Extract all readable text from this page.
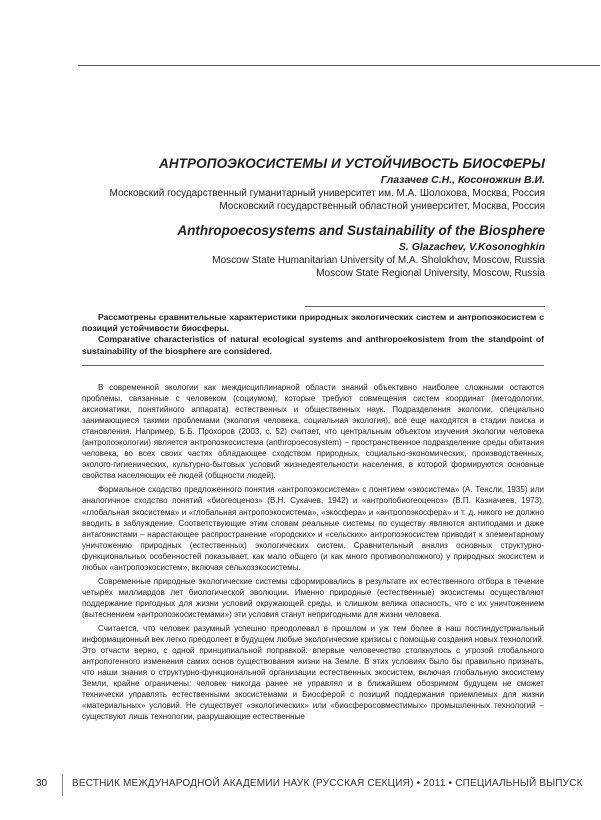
АНТРОПОЭКОСИСТЕМЫ И УСТОЙЧИВОСТЬ БИОСФЕРЫ
Глазачев С.Н., Косоножкин В.И.
Московский государственный гуманитарный университет им. М.А. Шолохова, Москва, Россия
Московский государственный областной университет, Москва, Россия
Anthropoecosystems and Sustainability of the Biosphere
S. Glazachev, V.Kosonoghkin
Moscow State Humanitarian University of M.A. Sholokhov, Moscow, Russia
Moscow State Regional University, Moscow, Russia

Рассмотрены сравнительные характеристики природных экологических систем и антропоэкосистем с позиций устойчивости биосферы.

Comparative characteristics of natural ecological systems and anthropoekosistem from the standpoint of sustainability of the biosphere are considered.

В современной экологии как междисциплинарной области знаний объективно наиболее сложными остаются проблемы, связанные с человеком (социумом), которые требуют совмещения систем координат (методологии, аксиоматики, понятийного аппарата) естественных и общественных наук. Подразделения экологии, специально занимающиеся такими проблемами (экология человека, социальная экология), всё еще находятся в стадии поиска и становления. Например, Б.Б. Прохоров (2003, с. 52) считает, что центральным объектом изучения экологии человека (антропоэкологии) является антропоэкосистема (anthropoecosystem) – пространственное подразделение среды обитания человека, во всех своих частях обладающее сходством природных, социально-экономических, производственных, эколого-гигиенических, культурно-бытовых условий жизнедеятельности населения, в которой формируются основные свойства населяющих её людей (общности людей).

Формальное сходство предложенного понятия «антропоэкосистема» с понятием «экосистема» (А. Тенсли, 1935) или аналогичное сходство понятий «биогеоценоз» (В.Н. Сукачев, 1942) и «антропобиогеоценоз» (В.П. Казначеев, 1973), «глобальная экосистема» и «глобальная антропоэкосистема», «экосфера» и «антропоэкосфера» и т. д. никого не должно вводить в заблуждение. Соответствующие этим словам реальные системы по существу являются антиподами и даже антагонистами – нарастающее распространение «городских» и «сельских» антропоэкосистем приводит к элементарному уничтожению природных (естественных) экологических систем. Сравнительный анализ основных структурно-функциональных особенностей показывает, как мало общего (и как много противоположного) у природных экосистем и любых «антропоэкосистем», включая сельхозэкосистемы.

Современные природные экологические системы сформировались в результате их естественного отбора в течение четырёх миллиардов лет биологической эволюции. Именно природные (естественные) экосистемы осуществляют поддержание пригодных для жизни условий окружающей среды, и слишком велика опасность, что с их уничтожением (вытеснением «антропоэкосистемами») эти условия станут непригодными для жизни человека.

Считается, что человек разумный успешно преодолевал в прошлом и уж тем более в наш постиндустриальный информационный век легко преодолеет в будущем любые экологические кризисы с помощью создания новых технологий. Это отчасти верно, с одной принципиальной поправкой: впервые человечество столкнулось с угрозой глобального антропогенного изменения самих основ существования жизни на Земле. В этих условиях было бы правильно признать, что наши знания о структурно-функциональной организации естественных экосистем, включая глобальную экосистему Земли, крайне ограничены: человек никогда ранее не управлял и в ближайшем обозримом будущем не сможет технически управлять естественными экосистемами и Биосферой с позиций поддержания приемлемых для жизни «материальных» условий. Не существует «экологических» или «биосферосовместимых» промышленных технологий – существуют лишь технологии, разрушающие естественные

30 ВЕСТНИК МЕЖДУНАРОДНОЙ АКАДЕМИИ НАУК (РУССКАЯ СЕКЦИЯ) • 2011 • СПЕЦИАЛЬНЫЙ ВЫПУСК
